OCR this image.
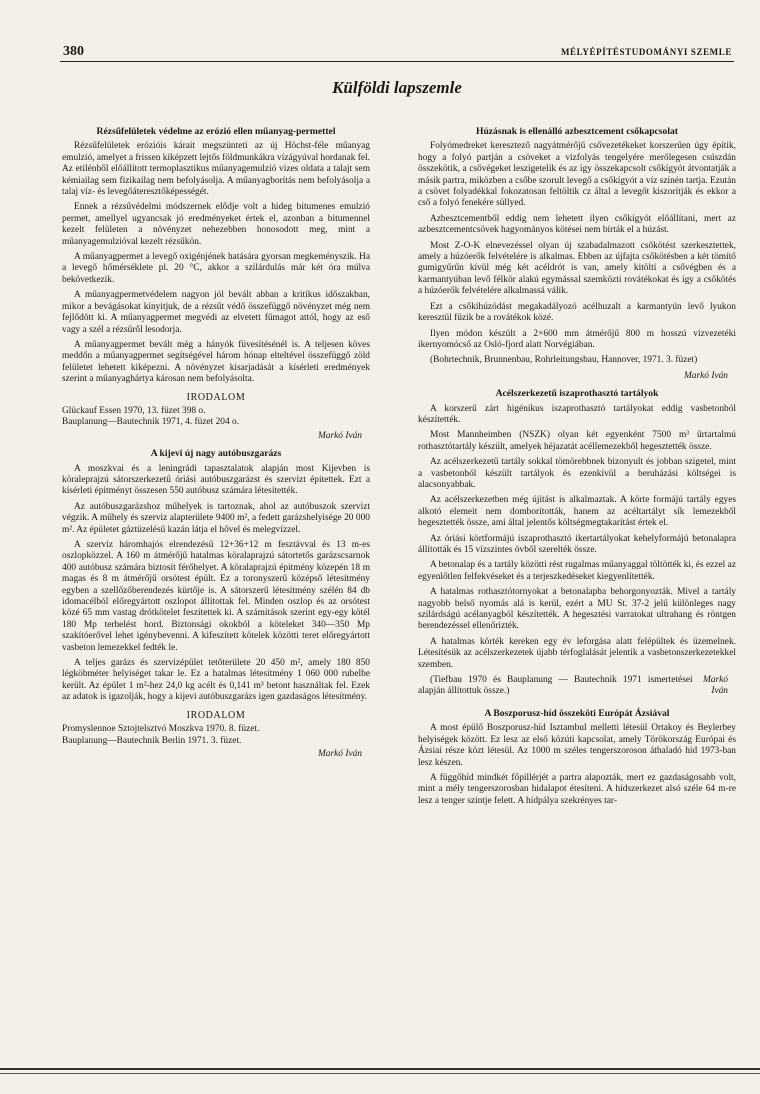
380	MÉLYÉPÍTÉSTUDOMÁNYI SZEMLE
Külföldi lapszemle
Rézsűfelületek védelme az erózió ellen műanyag-permettel

Rézsűfelületek erózióis kárait megszünteti az új Höchst-féle műanyag emulzió, amelyet a frissen kiképzett lejtős földmunkákra vízágyúval hordanak fel. Az etilénből előállított termoplasztikus műanyagemulzió vizes oldata a talajt sem kémiailag sem fizikailag nem befolyásolja. A műanyagborítás nem befolyásolja a talaj víz- és levegőáteresztőképességét.

Ennek a rézsűvédelmi módszernek elődje volt a hideg bitumenes emulzió permet, amellyel ugyancsak jó eredményeket értek el, azonban a bitumennel kezelt felületen a növényzet nehezebben honosodott meg, mint a műanyagemulzióval kezelt rézsűkön.

A műanyagpermet a levegő oxigénjének hatására gyorsan megkeményszik. Ha a levegő hőmérséklete pl. 20 °C, akkor a szilárdulás már két óra múlva bekövetkezik.

A műanyagpermetvédelem nagyon jól bevált abban a kritikus időszakban, mikor a bevágásokat kinyitjuk, de a rézsűt védő összefüggő növényzet még nem fejlődött ki. A műanyagpermet megvédi az elvetett fűmagot attól, hogy az eső vagy a szél a rézsűről lesodorja.

A műanyagpermet bevált még a hányók füvesítésénél is. A teljesen köves meddőn a műanyagpermet segítségével három hónap elteltével összefüggő zöld felületet lehetett kiképezni. A növényzet kisarjadását a kísérleti eredmények szerint a műanyaghártya károsan nem befolyásolta.

IRODALOM
Glückauf Essen 1970, 13. füzet 398 o.
Bauplanung—Bautechnik 1971, 4. füzet 204 o.
Markó Iván
A kijevi új nagy autóbuszgarázs

A moszkvai és a leningrádi tapasztalatok alapján most Kijevben is köraleprajzú sátorszerkezetű óriási autóbuszgarázst és szervizt építettek. Ezt a kísérleti épitményt összesen 550 autóbusz számára létesítették.

Az autóbuszgarázshoz műhelyek is tartoznak, ahol az autóbuszok szervizt végzik. A műhely és szerviz alapterülete 9400 m², a fedett garázshelyisége 20 000 m². Az épületet gáztüzelésű kazán látja el hővel és melegvízzel.

A szerviz háromhajós elrendezésű 12+36+12 m fesztávval és 13 m-es oszlopközzel. A 160 m átmérőjű hatalmas köralaprajzú sátortetős garázscsarnok 400 autóbusz számára biztosít férőhelyet. A köralaprajzú épitmény közepén 18 m magas és 8 m átmérőjű orsótest épült. Ez a toronyszerű középső létesítmény egyben a szellőzőberendezés kürtője is. A sátorszerű létesítmény szélén 84 db idomacélból előregyártott oszlopot állítottak fel. Minden oszlop és az orsótest közé 65 mm vastag drótkötelet feszítettek ki. A számítások szerint egy-egy kötél 180 Mp terhelést hord. Biztonsági okokból a köteleket 340—350 Mp szakítóerővel lehet igénybevenni. A kifeszített kötelek közötti teret előregyártott vasbeton lemezekkel fedték le.

A teljes garázs és szervizépület tetőterülete 20 450 m², amely 180 850 légköbméter helyiséget takar le. Ez a hatalmas létesítmény 1 060 000 rubelbe került. Az épület 1 m²-hez 24,0 kg acélt és 0,141 m³ betont használtak fel. Ezek az adatok is igazolják, hogy a kijevi autóbuszgarázs igen gazdaságos létesítmény.

IRODALOM
Promyslennoe Sztojtelsztvó Moszkva 1970. 8. füzet.
Bauplanung—Bautechnik Berlin 1971. 3. füzet.
Markó Iván
Húzásnak is ellenálló azbesztcement csőkapcsolat

Folyómedreket keresztező nagyátmérőjű csővezetékeket korszerűen úgy építik, hogy a folyó partján a csöveket a vízfolyás tengelyére merőlegesen csúszdán összekötik, a csővégeket leszigetelik és az így összekapcsolt csőkígyót átvontatják a másik partra, miközben a csőbe szorult levegő a csőkígyót a víz színén tartja. Ezután a csövet folyadékkal fokozatosan feltöltik cz által a levegőt kiszorítják és ekkor a cső a folyó fenekére süllyed.

Azbesztcementből eddig nem lehetett ilyen csőkígyót előállítani, mert az azbesztcementcsövek hagyományos kötései nem bírták el a húzást.

Most Z-O-K elnevezéssel olyan új szabadalmazott csőkötést szerkesztettek, amely a húzóerők felvételére is alkalmas. Ebben az újfajta csőkötésben a két tömítő gumigyűrűn kívül még két acéldrót is van, amely kitölti a csővégben és a karmantyúban levő félkör alakú egymással szemközti rovátékokat és így a csőkötés a húzóerők felvételére alkalmassá válik.

Ezt a csőkihúzódást megakadályozó acélhuzalt a karmantyún levő lyukon keresztül fűzik be a rovátékok közé.

Ilyen módon készült a 2×600 mm átmérőjű 800 m hosszú vízvezetéki ikernyomócső az Osló-fjord alatt Norvégiában.

(Bohrtechnik, Brunnenbau, Rohrleitungsbau, Hannover, 1971. 3. füzet)

Markó Iván
Acélszerkezetű iszaprothasztó tartályok

A korszerű zárt higénikus iszaprothasztó tartályokat eddig vasbetonból készítették.

Most Mannheimben (NSZK) olyan két egyenként 7500 m³ űrtartalmú rothasztótartály készült, amelyek héjazatát acéllemezekből hegesztették össze.

Az acélszerkezetű tartály sokkal tömörebbnek bizonyult és jobban szigetel, mint a vasbetonból készült tartályok és ezenkívül a beruházási költségei is alacsonyabbak.

Az acélszerkezetben még újitást is alkalmaztak. A körte formájú tartály egyes alkotó elemeit nem domborították, hanem az acéltartályt sík lemezekből hegesztették össze, ami által jelentős költségmegtakarítást értek el.

Az óriási körtformájú iszaprothasztó ikertartályokat kehelyformájú betonalapra állították és 15 vízszintes övből szerelték össze.

A betonalap és a tartály közötti rést rugalmas műanyaggal töltötték ki, és ezzel az egyenlőtlen felfekvéseket és a terjeszkedéseket kiegyenlítették.

A hatalmas rothasztótornyokat a betonalapba behorgonyozták. Mivel a tartály nagyobb belső nyomás alá is kerül, ezért a MU St. 37-2 jelű különleges nagy szilárdságú acélanyagból készítették. A hegesztési varratokat ultrahang és röntgen berendezéssel ellenőrizték.

A hatalmas körték kereken egy év leforgása alatt felépültek és üzemelnek. Létesítésük az acélszerkezetek újabb térfoglalását jelentik a vasbetonszerkezetekkel szemben.

(Tiefbau 1970 és Bauplanung — Bautechnik 1971 ismertetései alapján állítottuk össze.)

Markó Iván
A Boszporusz-híd összeköti Európát Ázsiával

A most épülő Boszporusz-híd Isztambul melletti létesül Ortakoy és Beylerbey helyiségek között. Ez lesz az első közúti kapcsolat, amely Törökország Európai és Ázsiai része közt létesül. Az 1000 m széles tengerszoroson áthaladó híd 1973-ban lesz készen.

A függőhíd mindkét főpillérjét a partra alapozták, mert ez gazdaságosabb volt, mint a mély tengerszorosban hidalapot étesíteni. A hídszerkezet alsó széle 64 m-re lesz a tenger szintje felett. A hídpálya szekrényes tar-
